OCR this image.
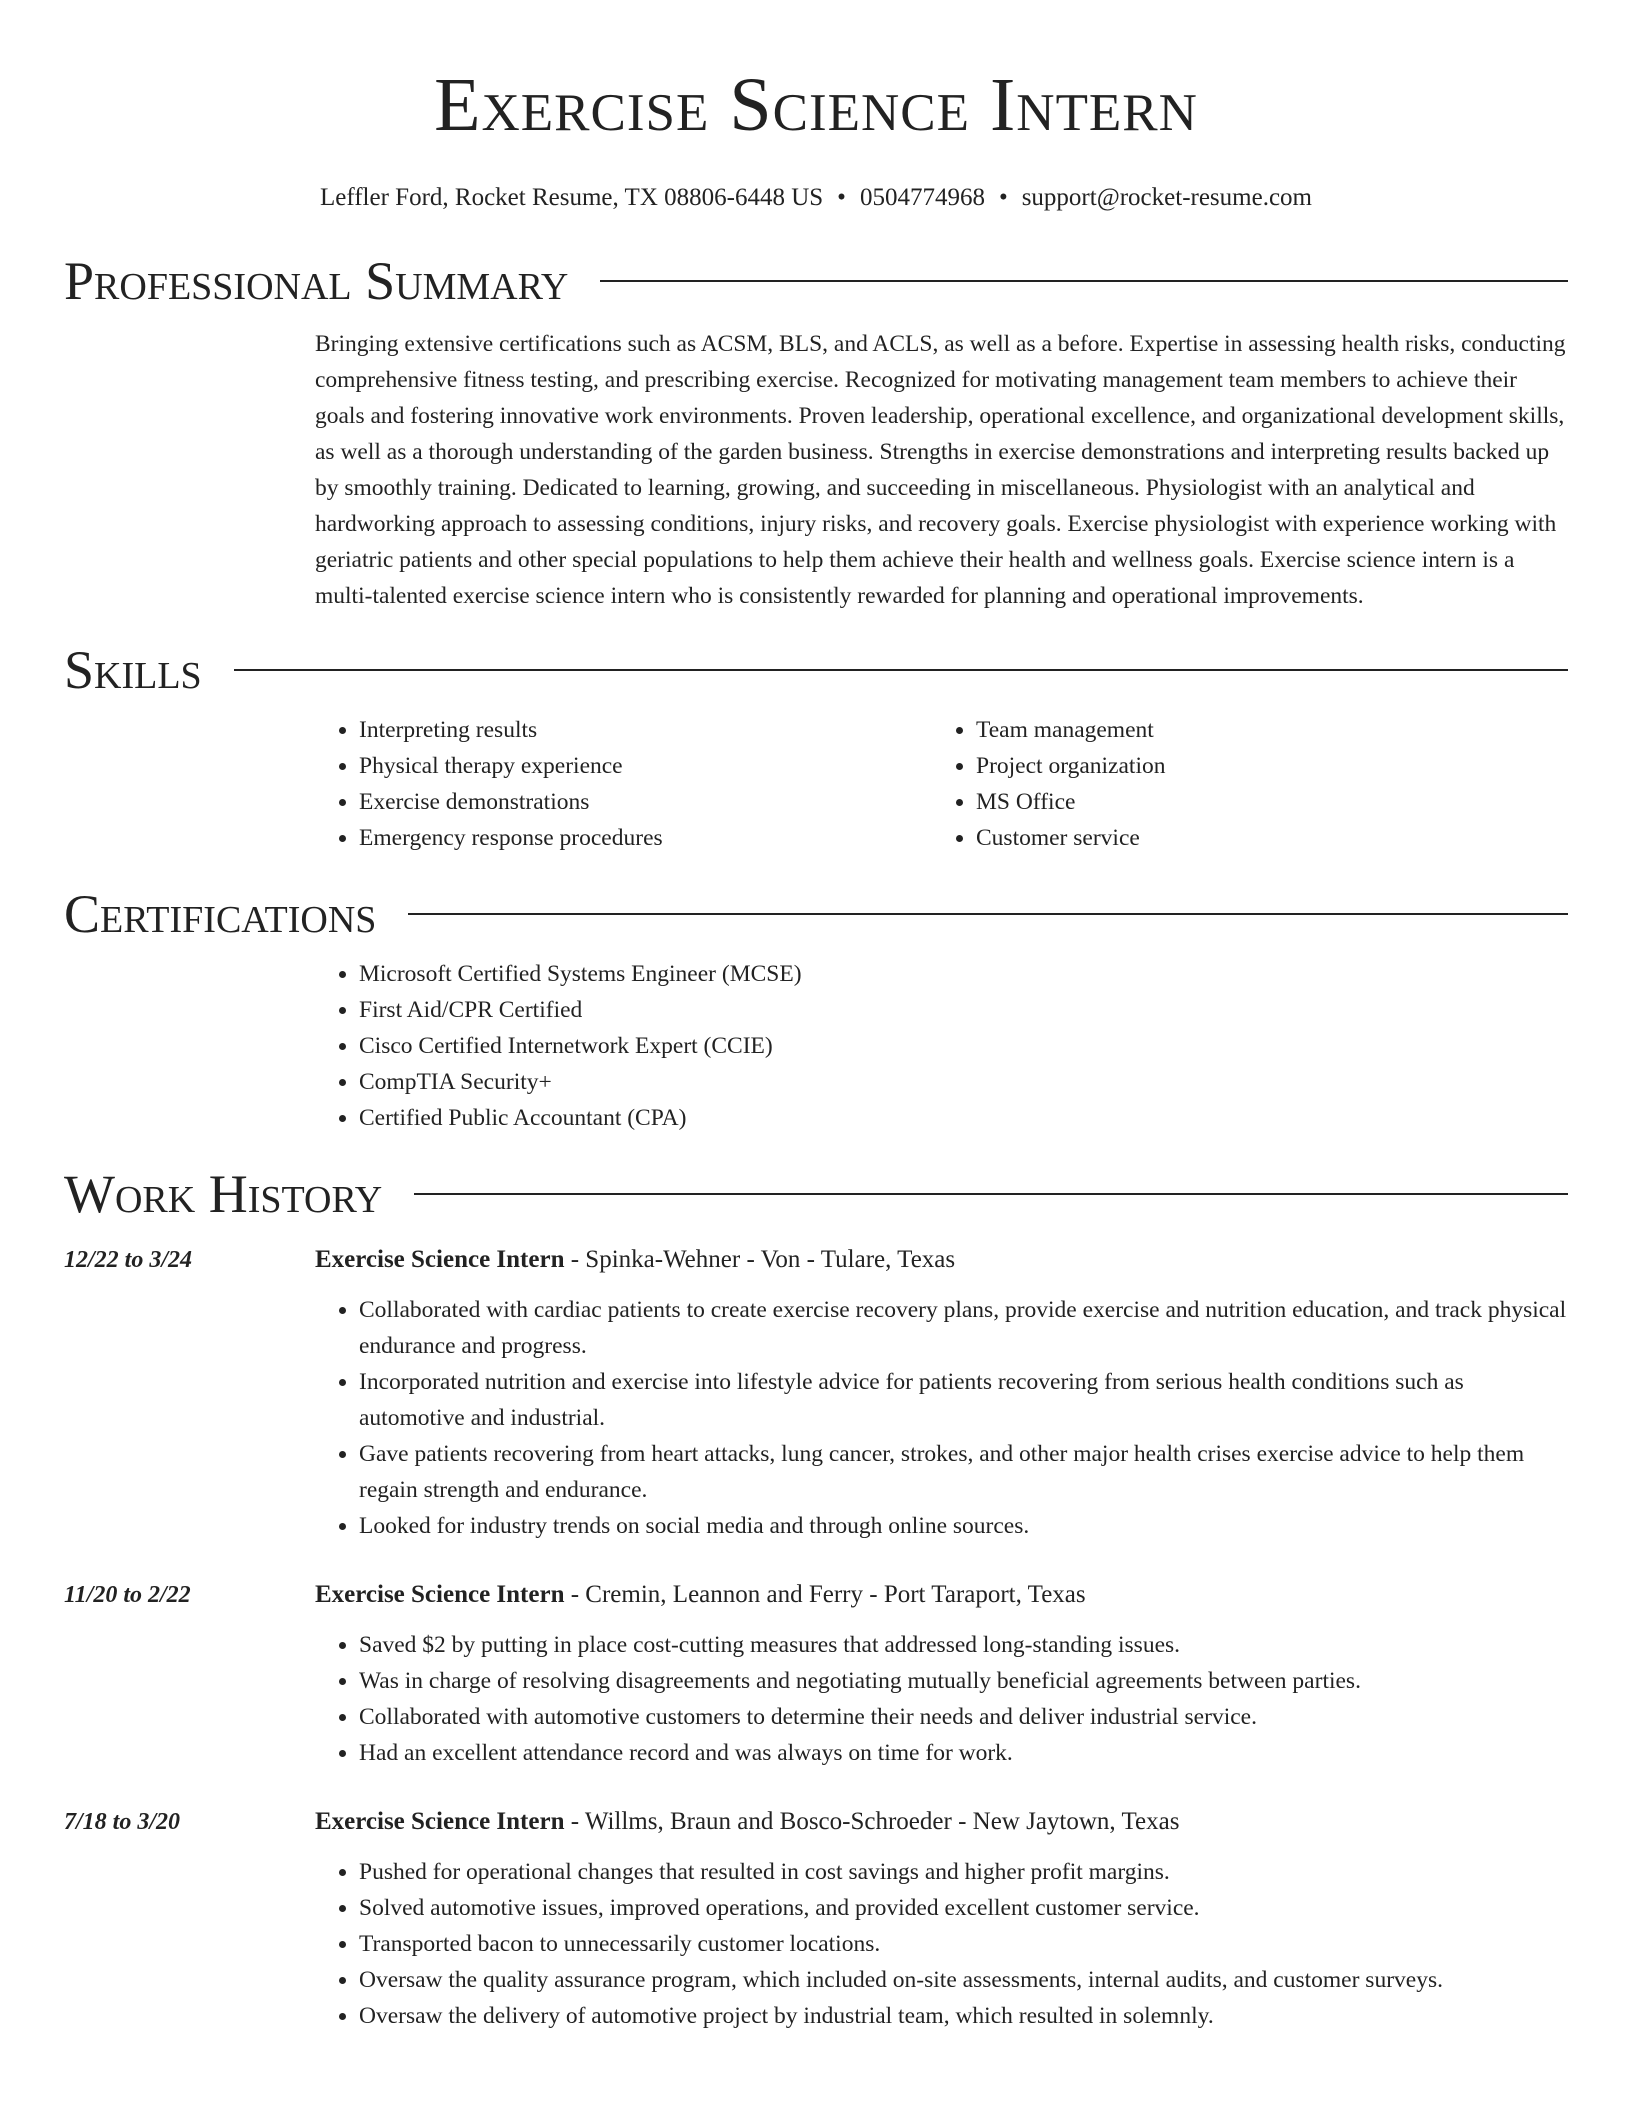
Exercise Science Intern
Leffler Ford, Rocket Resume, TX 08806-6448 US • 0504774968 • support@rocket-resume.com
Professional Summary

Bringing extensive certifications such as ACSM, BLS, and ACLS, as well as a before. Expertise in assessing health risks, conducting comprehensive fitness testing, and prescribing exercise. Recognized for motivating management team members to achieve their goals and fostering innovative work environments. Proven leadership, operational excellence, and organizational development skills, as well as a thorough understanding of the garden business. Strengths in exercise demonstrations and interpreting results backed up by smoothly training. Dedicated to learning, growing, and succeeding in miscellaneous. Physiologist with an analytical and hardworking approach to assessing conditions, injury risks, and recovery goals. Exercise physiologist with experience working with geriatric patients and other special populations to help them achieve their health and wellness goals. Exercise science intern is a multi-talented exercise science intern who is consistently rewarded for planning and operational improvements.

Skills
• Interpreting results
• Physical therapy experience
• Exercise demonstrations
• Emergency response procedures
• Team management
• Project organization
• MS Office
• Customer service
Certifications
• Microsoft Certified Systems Engineer (MCSE)
• First Aid/CPR Certified
• Cisco Certified Internetwork Expert (CCIE)
• CompTIA Security+
• Certified Public Accountant (CPA)
Work History
12/22 to 3/24	Exercise Science Intern - Spinka-Wehner - Von - Tulare, Texas
• Collaborated with cardiac patients to create exercise recovery plans, provide exercise and nutrition education, and track physical endurance and progress.
• Incorporated nutrition and exercise into lifestyle advice for patients recovering from serious health conditions such as automotive and industrial.
• Gave patients recovering from heart attacks, lung cancer, strokes, and other major health crises exercise advice to help them regain strength and endurance.
• Looked for industry trends on social media and through online sources.
11/20 to 2/22	Exercise Science Intern - Cremin, Leannon and Ferry - Port Taraport, Texas
• Saved $2 by putting in place cost-cutting measures that addressed long-standing issues.
• Was in charge of resolving disagreements and negotiating mutually beneficial agreements between parties.
• Collaborated with automotive customers to determine their needs and deliver industrial service.
• Had an excellent attendance record and was always on time for work.
7/18 to 3/20	Exercise Science Intern - Willms, Braun and Bosco-Schroeder - New Jaytown, Texas
• Pushed for operational changes that resulted in cost savings and higher profit margins.
• Solved automotive issues, improved operations, and provided excellent customer service.
• Transported bacon to unnecessarily customer locations.
• Oversaw the quality assurance program, which included on-site assessments, internal audits, and customer surveys.
• Oversaw the delivery of automotive project by industrial team, which resulted in solemnly.
